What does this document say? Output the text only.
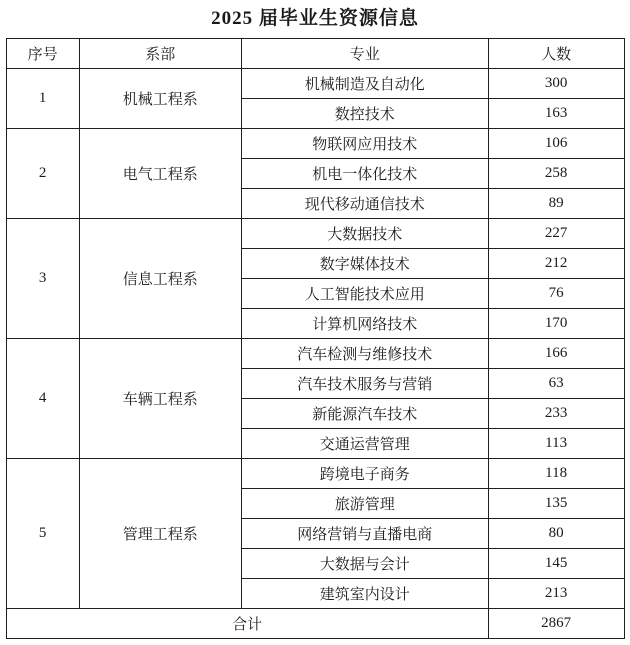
2025 届毕业生资源信息
序号	系部	专业	人数
1	机械工程系	机械制造及自动化	300
		数控技术	163
2	电气工程系	物联网应用技术	106
		机电一体化技术	258
		现代移动通信技术	89
3	信息工程系	大数据技术	227
		数字媒体技术	212
		人工智能技术应用	76
		计算机网络技术	170
4	车辆工程系	汽车检测与维修技术	166
		汽车技术服务与营销	63
		新能源汽车技术	233
		交通运营管理	113
5	管理工程系	跨境电子商务	118
		旅游管理	135
		网络营销与直播电商	80
		大数据与会计	145
		建筑室内设计	213
合计			2867
